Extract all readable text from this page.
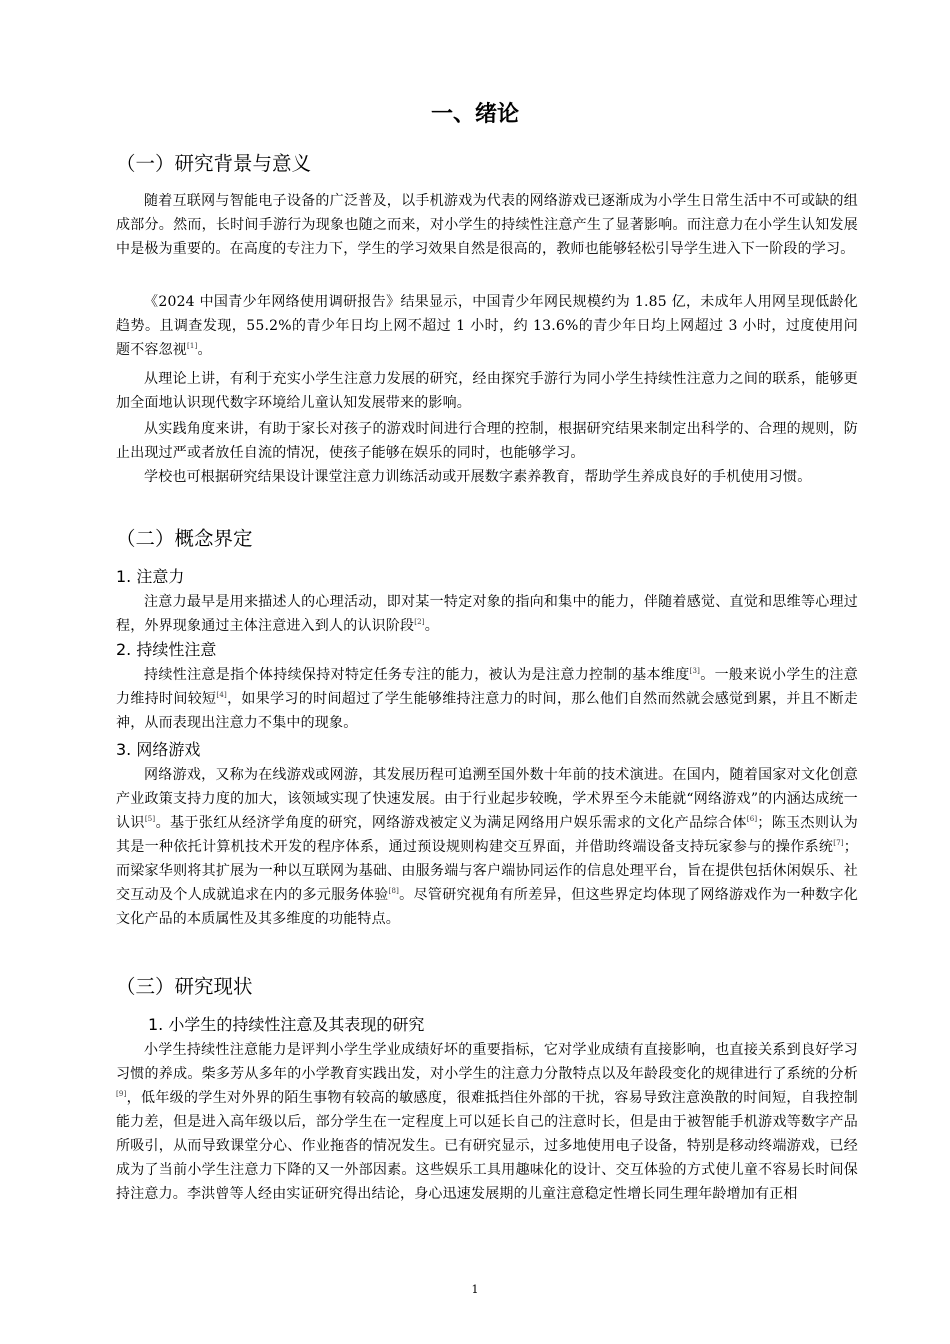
一、绪论
（一）研究背景与意义

随着互联网与智能电子设备的广泛普及，以手机游戏为代表的网络游戏已逐渐成为小学生日常生活中不可或缺的组成部分。然而，长时间手游行为现象也随之而来，对小学生的持续性注意产生了显著影响。而注意力在小学生认知发展中是极为重要的。在高度的专注力下，学生的学习效果自然是很高的，教师也能够轻松引导学生进入下一阶段的学习。

《2024 中国青少年网络使用调研报告》结果显示，中国青少年网民规模约为 1.85 亿，未成年人用网呈现低龄化趋势。且调查发现，55.2%的青少年日均上网不超过 1 小时，约 13.6%的青少年日均上网超过 3 小时，过度使用问题不容忽视[1]。

从理论上讲，有利于充实小学生注意力发展的研究，经由探究手游行为同小学生持续性注意力之间的联系，能够更加全面地认识现代数字环境给儿童认知发展带来的影响。

从实践角度来讲，有助于家长对孩子的游戏时间进行合理的控制，根据研究结果来制定出科学的、合理的规则，防止出现过严或者放任自流的情况，使孩子能够在娱乐的同时，也能够学习。

学校也可根据研究结果设计课堂注意力训练活动或开展数字素养教育，帮助学生养成良好的手机使用习惯。

（二）概念界定
1. 注意力

注意力最早是用来描述人的心理活动，即对某一特定对象的指向和集中的能力，伴随着感觉、直觉和思维等心理过程，外界现象通过主体注意进入到人的认识阶段[2]。

2. 持续性注意

持续性注意是指个体持续保持对特定任务专注的能力，被认为是注意力控制的基本维度[3]。一般来说小学生的注意力维持时间较短[4]，如果学习的时间超过了学生能够维持注意力的时间，那么他们自然而然就会感觉到累，并且不断走神，从而表现出注意力不集中的现象。

3. 网络游戏

网络游戏，又称为在线游戏或网游，其发展历程可追溯至国外数十年前的技术演进。在国内，随着国家对文化创意产业政策支持力度的加大，该领域实现了快速发展。由于行业起步较晚，学术界至今未能就“网络游戏”的内涵达成统一认识[5]。基于张红从经济学角度的研究，网络游戏被定义为满足网络用户娱乐需求的文化产品综合体[6]；陈玉杰则认为其是一种依托计算机技术开发的程序体系，通过预设规则构建交互界面，并借助终端设备支持玩家参与的操作系统[7]；而梁家华则将其扩展为一种以互联网为基础、由服务端与客户端协同运作的信息处理平台，旨在提供包括休闲娱乐、社交互动及个人成就追求在内的多元服务体验[8]。尽管研究视角有所差异，但这些界定均体现了网络游戏作为一种数字化文化产品的本质属性及其多维度的功能特点。

（三）研究现状
1. 小学生的持续性注意及其表现的研究

小学生持续性注意能力是评判小学生学业成绩好坏的重要指标，它对学业成绩有直接影响，也直接关系到良好学习习惯的养成。柴多芳从多年的小学教育实践出发，对小学生的注意力分散特点以及年龄段变化的规律进行了系统的分析[9]，低年级的学生对外界的陌生事物有较高的敏感度，很难抵挡住外部的干扰，容易导致注意涣散的时间短，自我控制能力差，但是进入高年级以后，部分学生在一定程度上可以延长自己的注意时长，但是由于被智能手机游戏等数字产品所吸引，从而导致课堂分心、作业拖沓的情况发生。已有研究显示，过多地使用电子设备，特别是移动终端游戏，已经成为了当前小学生注意力下降的又一外部因素。这些娱乐工具用趣味化的设计、交互体验的方式使儿童不容易长时间保持注意力。李洪曾等人经由实证研究得出结论，身心迅速发展期的儿童注意稳定性增长同生理年龄增加有正相

1
